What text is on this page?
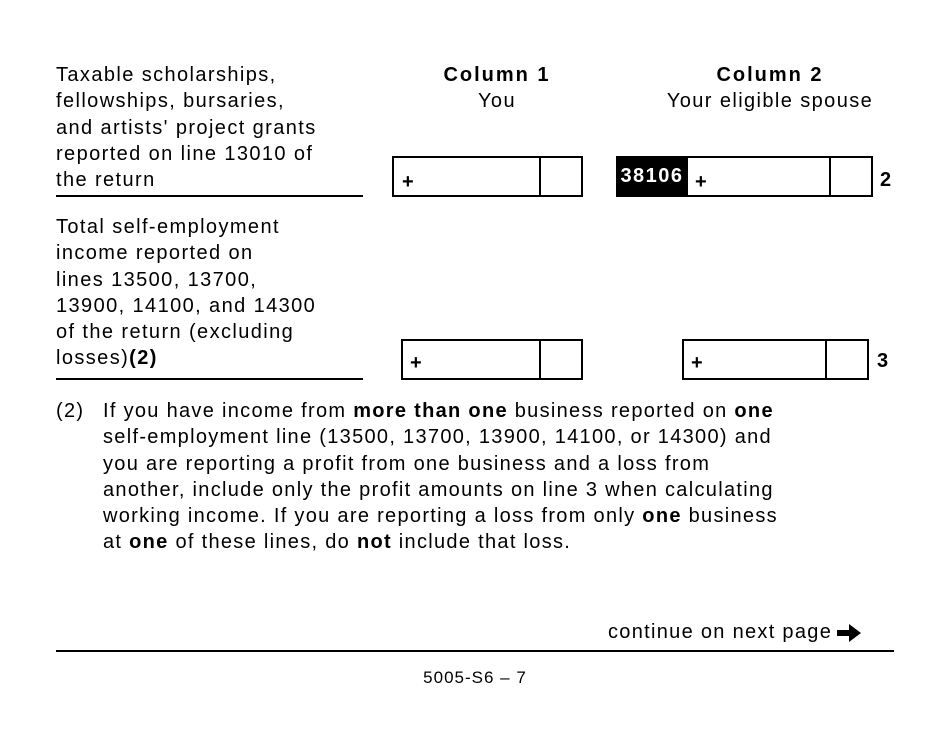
Column 1
You
Column 2
Your eligible spouse
Taxable scholarships,
fellowships, bursaries,
and artists' project grants
reported on line 13010 of
the return	+	38106 +	2
Total self-employment
income reported on
lines 13500, 13700,
13900, 14100, and 14300
of the return (excluding
losses)(2)	+	+	3
(2) If you have income from more than one business reported on one
self-employment line (13500, 13700, 13900, 14100, or 14300) and
you are reporting a profit from one business and a loss from
another, include only the profit amounts on line 3 when calculating
working income. If you are reporting a loss from only one business
at one of these lines, do not include that loss.
continue on next page
5005-S6 – 7
